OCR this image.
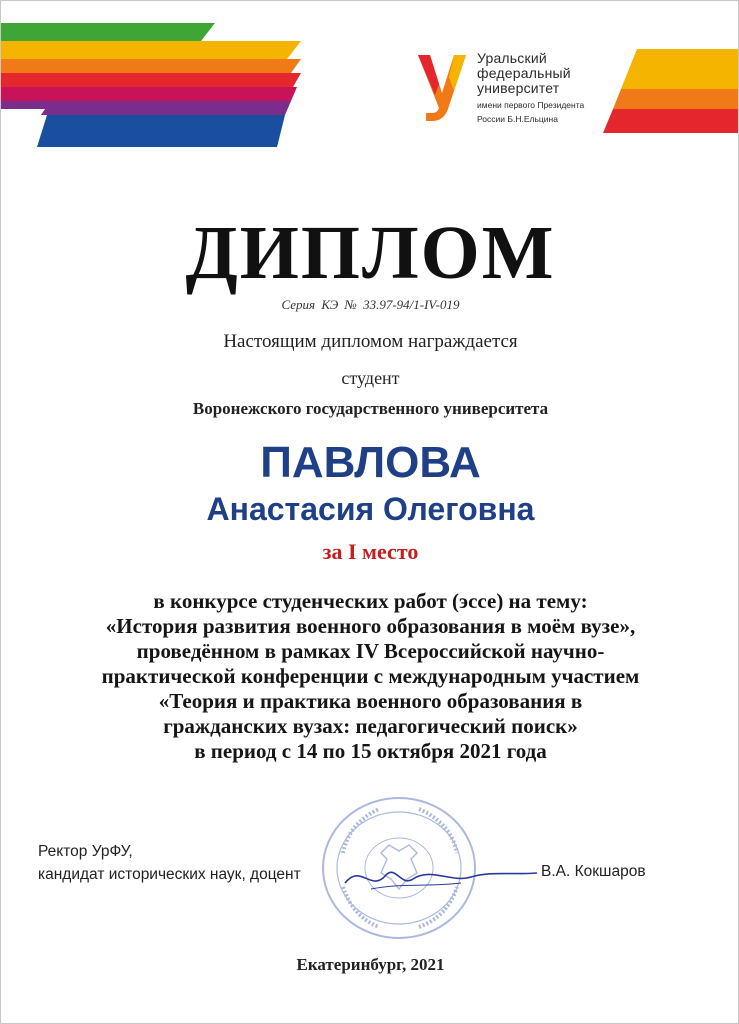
Уральский
федеральный
университет
имени первого Президента
России Б.Н.Ельцина
ДИПЛОМ
Серия КЭ № 33.97-94/1-IV-019
Настоящим дипломом награждается
студент
Воронежского государственного университета
ПАВЛОВА
Анастасия Олеговна
за I место
в конкурсе студенческих работ (эссе) на тему:
«История развития военного образования в моём вузе»,
проведённом в рамках IV Всероссийской научно-
практической конференции с международным участием
«Теория и практика военного образования в
гражданских вузах: педагогический поиск»
в период с 14 по 15 октября 2021 года
Ректор УрФУ,
кандидат исторических наук, доцент	В.А. Кокшаров
Екатеринбург, 2021
